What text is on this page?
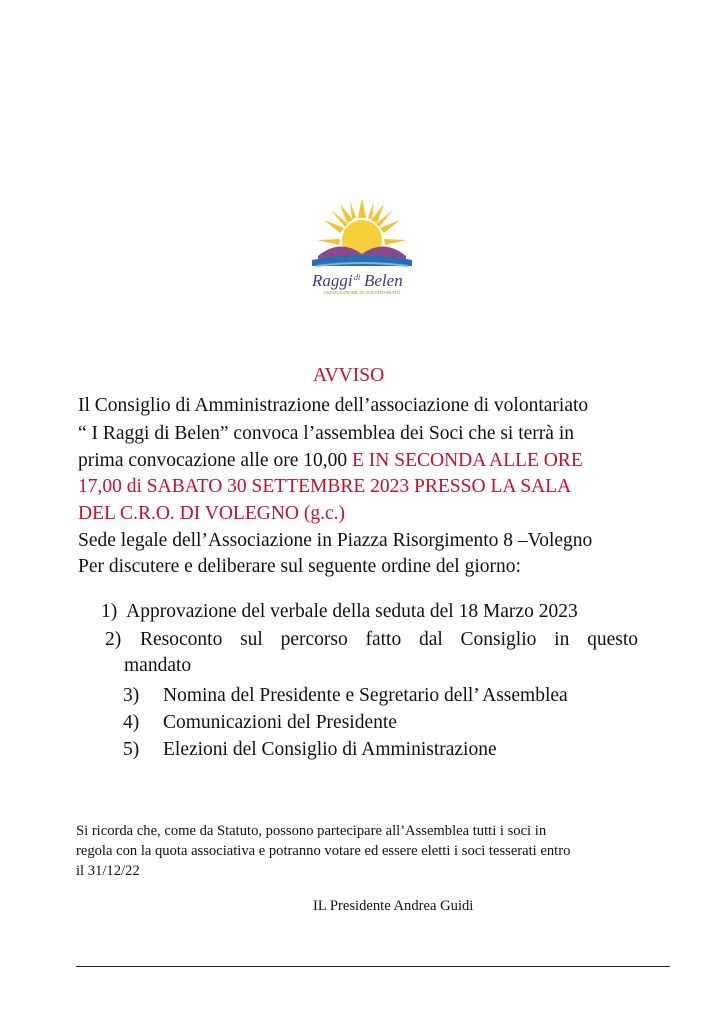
Raggi di Belen
ASSOCIAZIONE DI VOLONTARIATO
AVVISO
Il Consiglio di Amministrazione dell’associazione di volontariato
“ I Raggi di Belen” convoca l’assemblea dei Soci che si terrà in
prima convocazione alle ore 10,00 E IN SECONDA ALLE ORE
17,00 di SABATO 30 SETTEMBRE 2023 PRESSO LA SALA
DEL C.R.O. DI VOLEGNO (g.c.)
Sede legale dell’Associazione in Piazza Risorgimento 8 –Volegno
Per discutere e deliberare sul seguente ordine del giorno:
1) Approvazione del verbale della seduta del 18 Marzo 2023
2) Resoconto sul percorso fatto dal Consiglio in questo
mandato
3) Nomina del Presidente e Segretario dell’ Assemblea
4) Comunicazioni del Presidente
5) Elezioni del Consiglio di Amministrazione
Si ricorda che, come da Statuto, possono partecipare all’Assemblea tutti i soci in
regola con la quota associativa e potranno votare ed essere eletti i soci tesserati entro
il 31/12/22
IL Presidente Andrea Guidi
